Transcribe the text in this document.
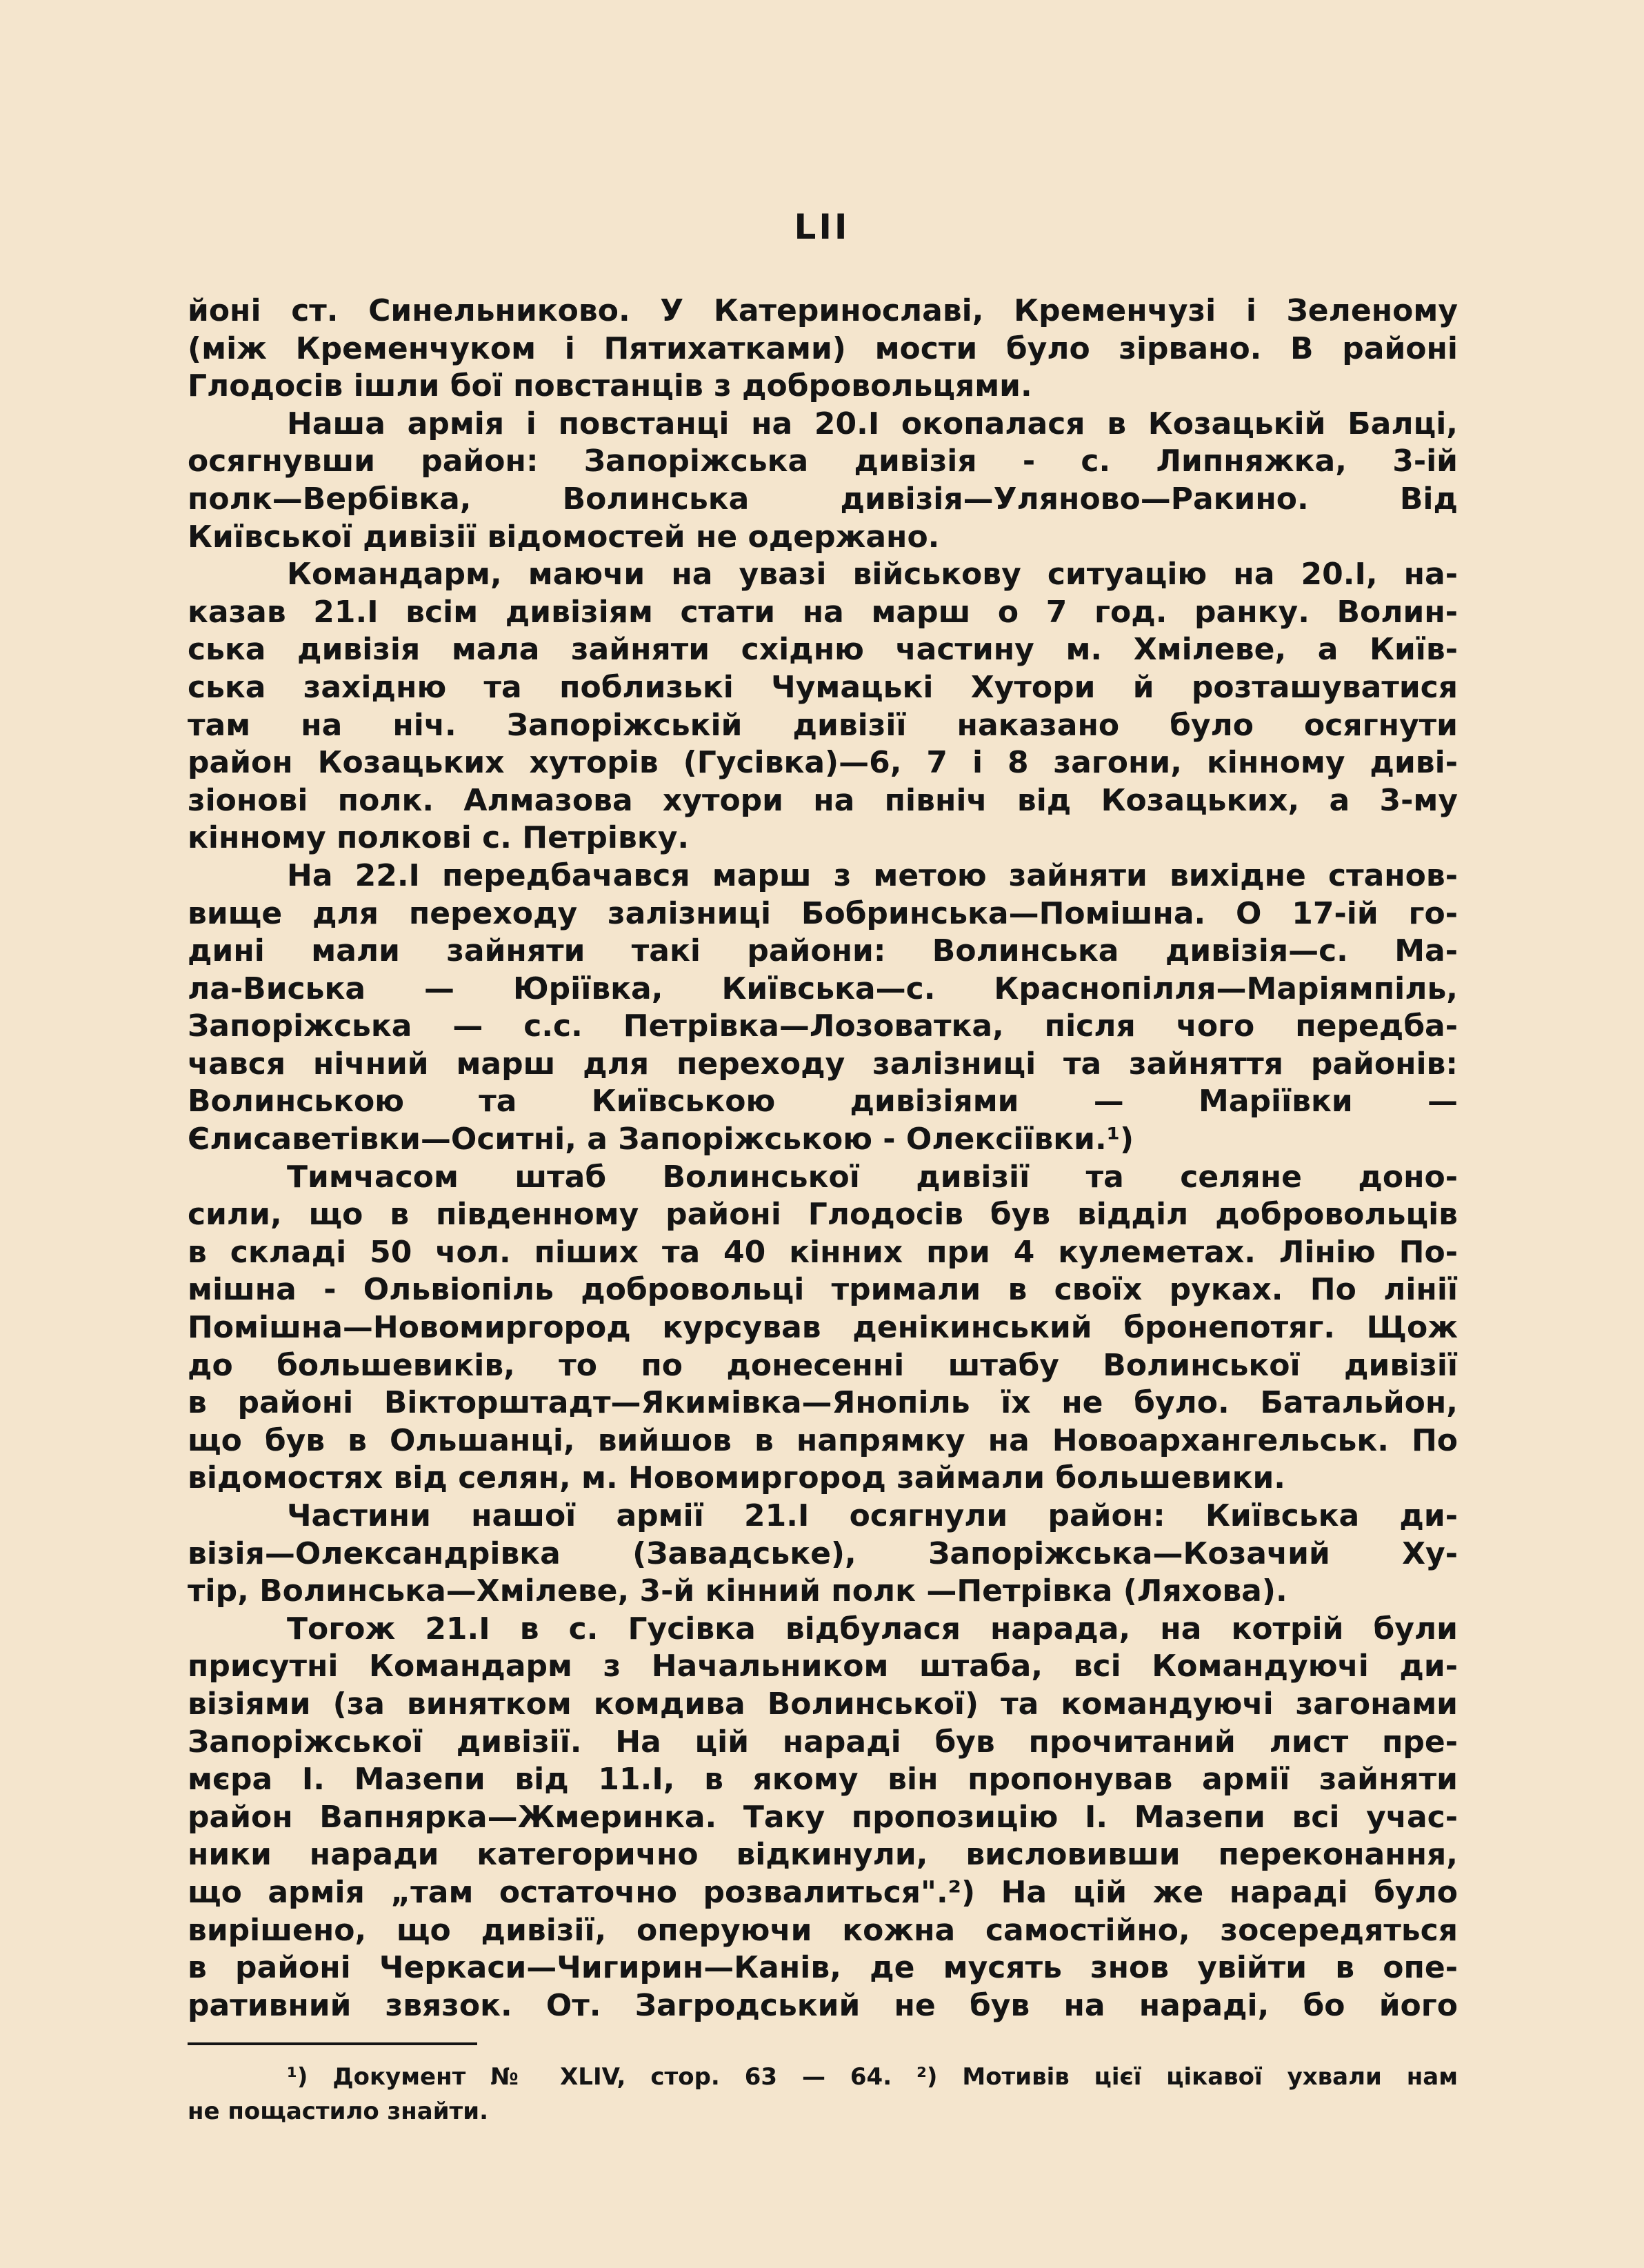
LII
йоні ст. Синельниково. У Катеринославі, Кременчузі і Зеленому
(між Кременчуком і Пятихатками) мости було зірвано. В районі
Глодосів ішли бої повстанців з добровольцями.
Наша армія і повстанці на 20.І окопалася в Козацькій Балці,
осягнувши район: Запоріжська дивізія - с. Липняжка, 3-ій
полк—Вербівка, Волинська дивізія—Уляново—Ракино. Від
Київської дивізії відомостей не одержано.
Командарм, маючи на увазі військову ситуацію на 20.І, на-
казав 21.І всім дивізіям стати на марш о 7 год. ранку. Волин-
ська дивізія мала зайняти східню частину м. Хмілеве, а Київ-
ська західню та поблизькі Чумацькі Хутори й розташуватися
там на ніч. Запоріжській дивізії наказано було осягнути
район Козацьких хуторів (Гусівка)—6, 7 і 8 загони, кінному диві-
зіонові полк. Алмазова хутори на північ від Козацьких, а 3-му
кінному полкові с. Петрівку.
На 22.І передбачався марш з метою зайняти вихідне станов-
вище для переходу залізниці Бобринська—Помішна. О 17-ій го-
дині мали зайняти такі райони: Волинська дивізія—с. Ма-
ла-Виська — Юріївка, Київська—с. Краснопілля—Маріямпіль,
Запоріжська — с.с. Петрівка—Лозоватка, після чого передба-
чався нічний марш для переходу залізниці та зайняття районів:
Волинською та Київською дивізіями — Маріївки —
Єлисаветівки—Оситні, а Запоріжською - Олексіївки.¹)
Тимчасом штаб Волинської дивізії та селяне доно-
сили, що в південному районі Глодосів був відділ добровольців
в складі 50 чол. піших та 40 кінних при 4 кулеметах. Лінію По-
мішна - Ольвіопіль добровольці тримали в своїх руках. По лінії
Помішна—Новомиргород курсував денікинський бронепотяг. Щож
до большевиків, то по донесенні штабу Волинської дивізії
в районі Вікторштадт—Якимівка—Янопіль їх не було. Батальйон,
що був в Ольшанці, вийшов в напрямку на Новоархангельськ. По
відомостях від селян, м. Новомиргород займали большевики.
Частини нашої армії 21.І осягнули район: Київська ди-
візія—Олександрівка (Завадське), Запоріжська—Козачий Ху-
тір, Волинська—Хмілеве, 3-й кінний полк —Петрівка (Ляхова).
Тогож 21.І в с. Гусівка відбулася нарада, на котрій були
присутні Командарм з Начальником штаба, всі Командуючі ди-
візіями (за винятком комдива Волинської) та командуючі загонами
Запоріжської дивізії. На цій нараді був прочитаний лист пре-
мєра І. Мазепи від 11.І, в якому він пропонував армії зайняти
район Вапнярка—Жмеринка. Таку пропозицію І. Мазепи всі учас-
ники наради категорично відкинули, висловивши переконання,
що армія „там остаточно розвалиться".²) На цій же нараді було
вирішено, що дивізії, оперуючи кожна самостійно, зосередяться
в районі Черкаси—Чигирин—Канів, де мусять знов увійти в опе-
ративний звязок. От. Загродський не був на нараді, бо його
¹) Документ № XLIV, стор. 63 — 64. ²) Мотивів цієї цікавої ухвали нам
не пощастило знайти.
